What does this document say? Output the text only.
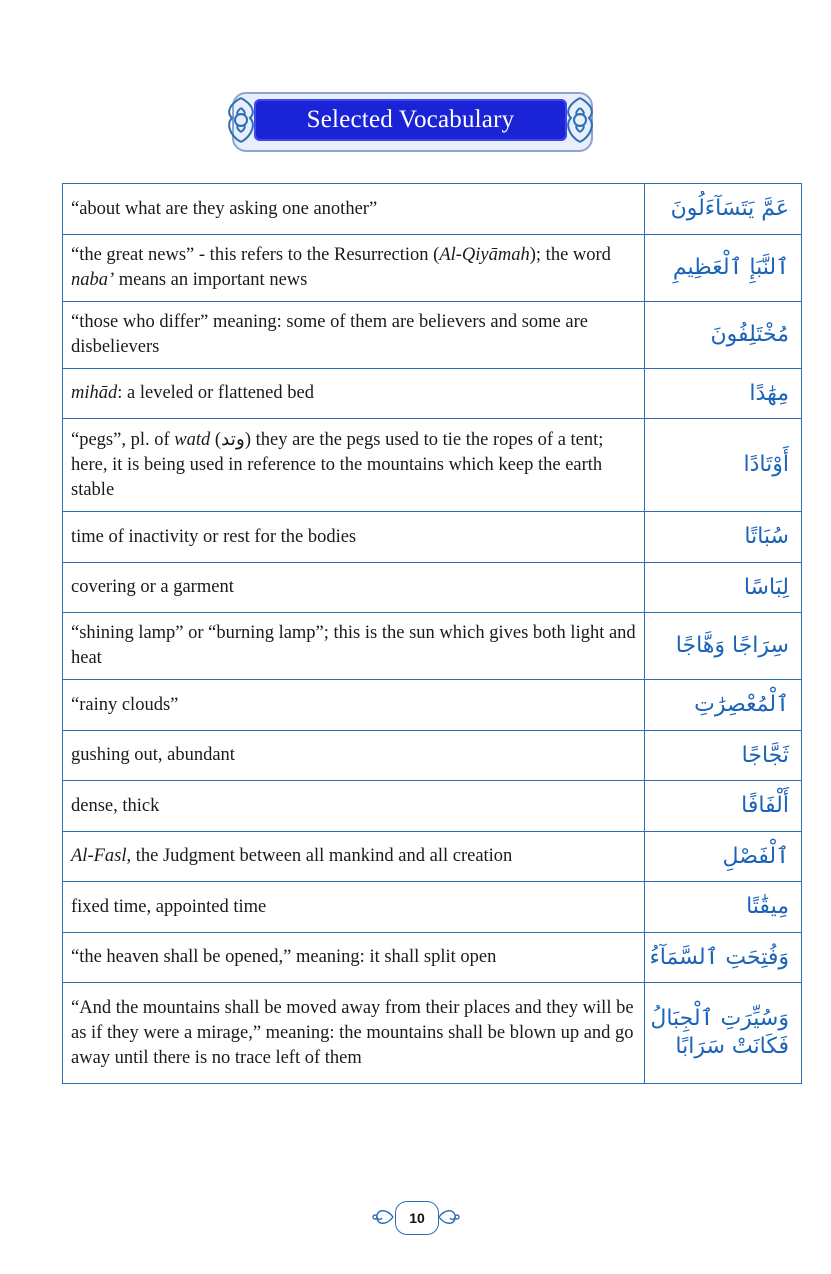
Selected Vocabulary
“about what are they asking one another”	عَمَّ يَتَسَآءَلُونَ

“the great news” - this refers to the Resurrection (Al-Qiyāmah); the word naba’ means an important news	ٱلنَّبَإِ ٱلْعَظِيمِ

“those who differ” meaning: some of them are believers and some are disbelievers	مُخْتَلِفُونَ

mihād: a leveled or flattened bed	مِهَٰدًا

“pegs”, pl. of watd (وتد) they are the pegs used to tie the ropes of a tent; here, it is being used in reference to the mountains which keep the earth stable	أَوْتَادًا

time of inactivity or rest for the bodies	سُبَاتًا

covering or a garment	لِبَاسًا

“shining lamp” or “burning lamp”; this is the sun which gives both light and heat	سِرَاجًا وَهَّاجًا

“rainy clouds”	ٱلْمُعْصِرَٰتِ

gushing out, abundant	ثَجَّاجًا

dense, thick	أَلْفَافًا

Al-Fasl, the Judgment between all mankind and all creation	ٱلْفَصْلِ

fixed time, appointed time	مِيقَٰتًا

“the heaven shall be opened,” meaning: it shall split open	وَفُتِحَتِ ٱلسَّمَآءُ

“And the mountains shall be moved away from their places and they will be as if they were a mirage,” meaning: the mountains shall be blown up and go away until there is no trace left of them	وَسُيِّرَتِ ٱلْجِبَالُ
فَكَانَتْ سَرَابًا
10
